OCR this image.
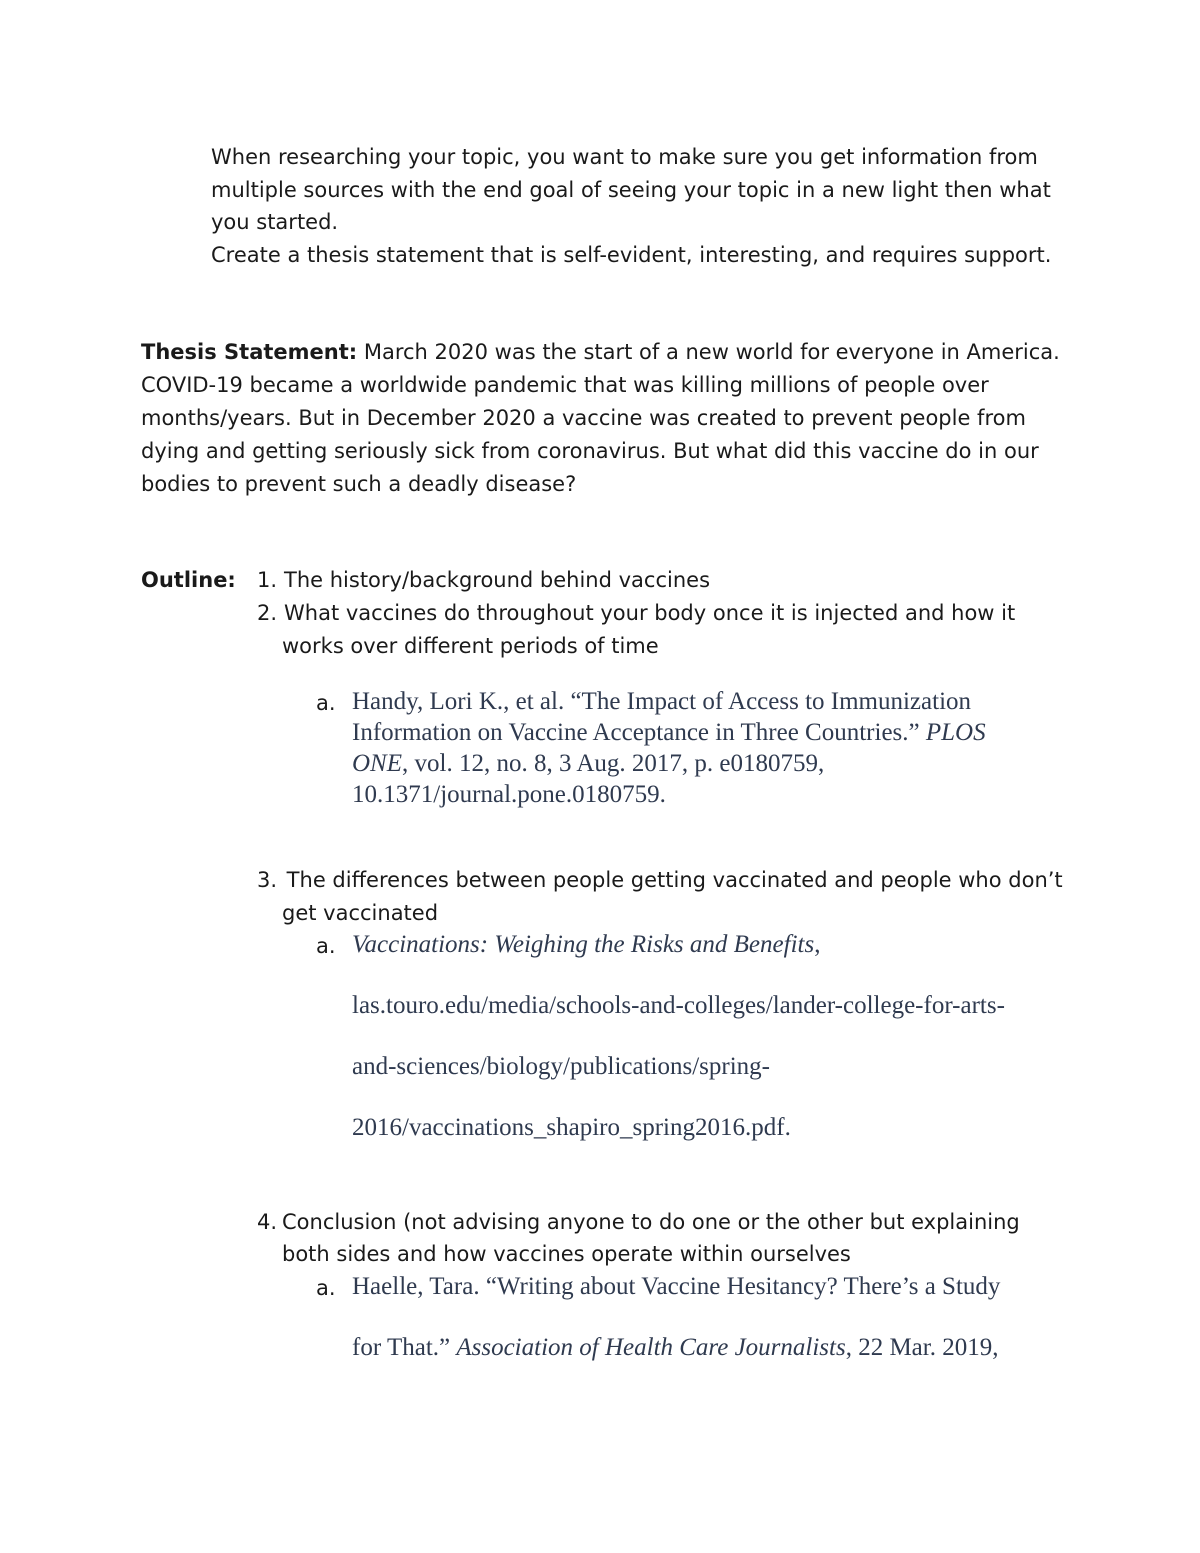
When researching your topic, you want to make sure you get information from
multiple sources with the end goal of seeing your topic in a new light then what
you started.
Create a thesis statement that is self-evident, interesting, and requires support.
Thesis Statement: March 2020 was the start of a new world for everyone in America.
COVID-19 became a worldwide pandemic that was killing millions of people over
months/years. But in December 2020 a vaccine was created to prevent people from
dying and getting seriously sick from coronavirus. But what did this vaccine do in our
bodies to prevent such a deadly disease?
Outline: 1. The history/background behind vaccines
2. What vaccines do throughout your body once it is injected and how it
works over different periods of time
a. Handy, Lori K., et al. “The Impact of Access to Immunization
Information on Vaccine Acceptance in Three Countries.” PLOS
ONE, vol. 12, no. 8, 3 Aug. 2017, p. e0180759,
10.1371/journal.pone.0180759.
3. The differences between people getting vaccinated and people who don’t
get vaccinated
a. Vaccinations: Weighing the Risks and Benefits,
las.touro.edu/media/schools-and-colleges/lander-college-for-arts-
and-sciences/biology/publications/spring-
2016/vaccinations_shapiro_spring2016.pdf.
4. Conclusion (not advising anyone to do one or the other but explaining
both sides and how vaccines operate within ourselves
a. Haelle, Tara. “Writing about Vaccine Hesitancy? There’s a Study
for That.” Association of Health Care Journalists, 22 Mar. 2019,
